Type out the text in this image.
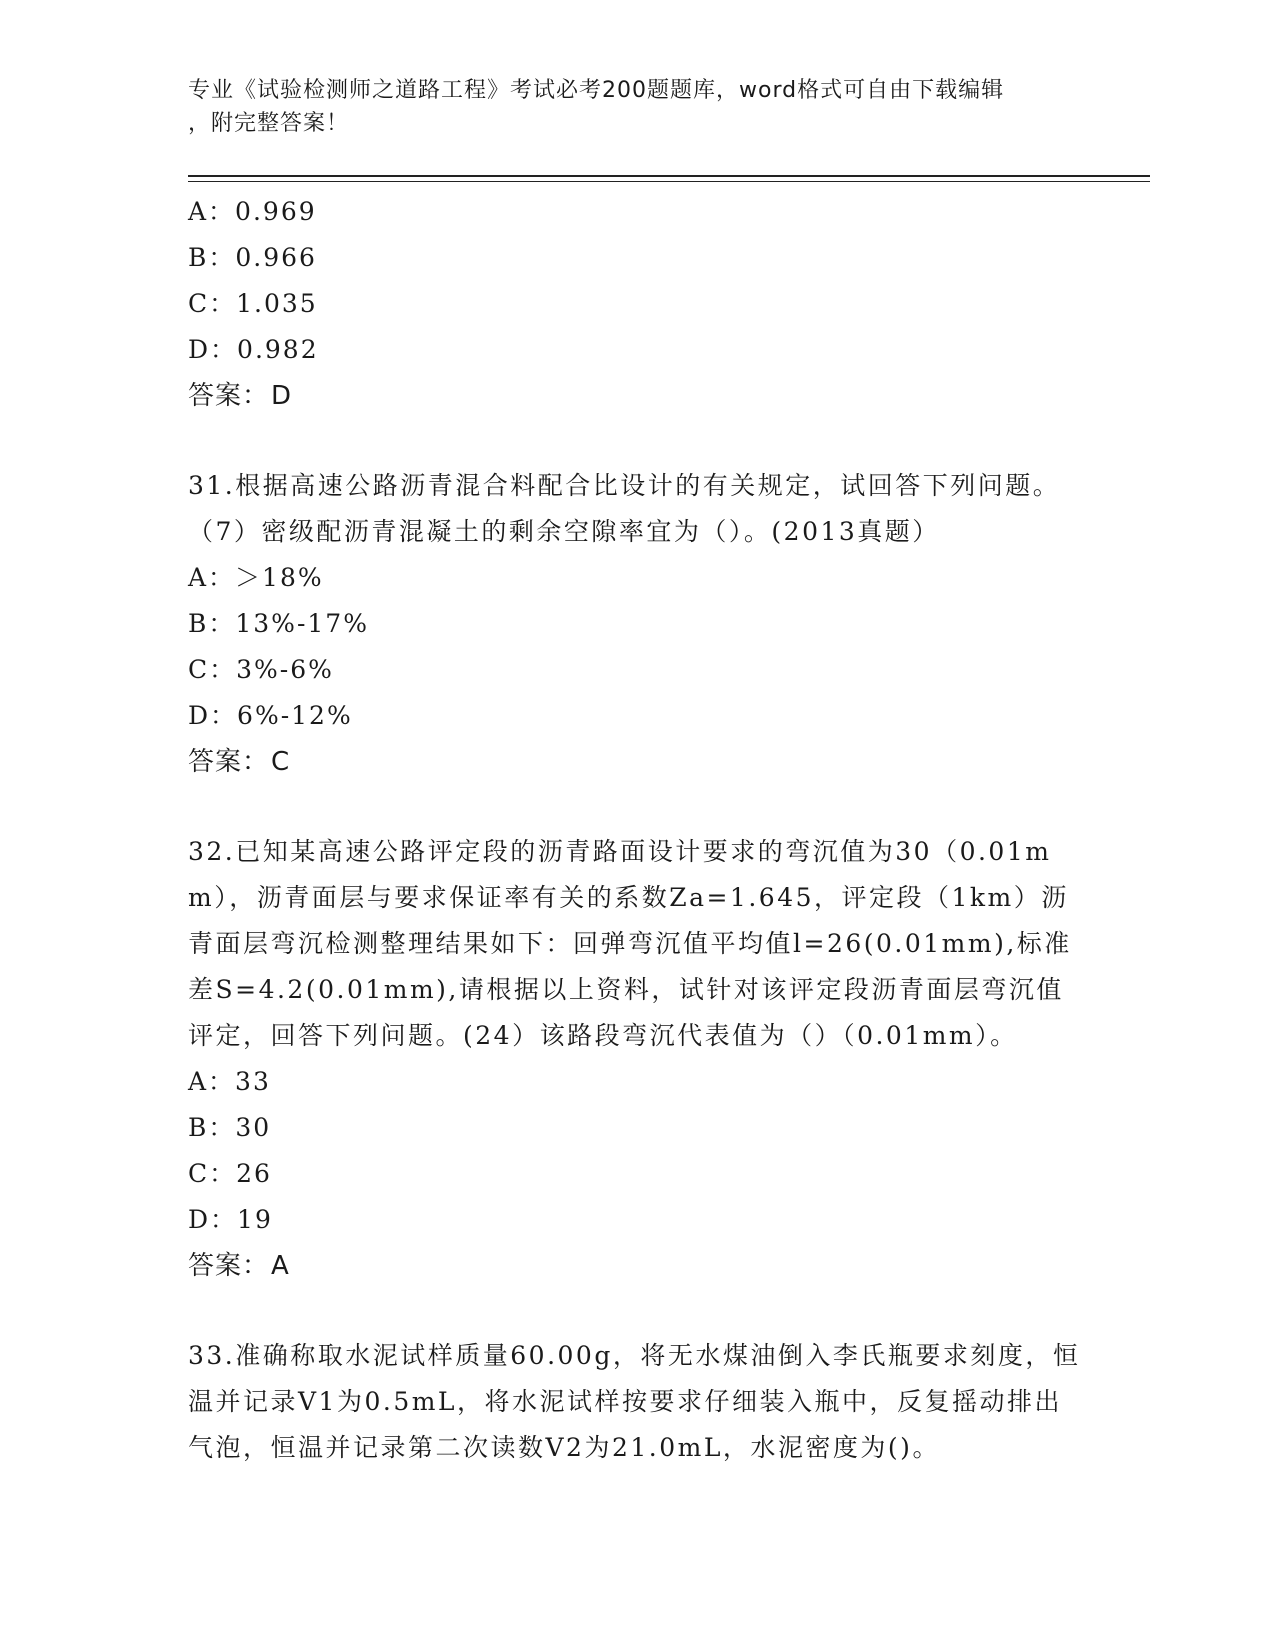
专业《试验检测师之道路工程》考试必考200题题库，word格式可自由下载编辑
，附完整答案！
A：0.969
B：0.966
C：1.035
D：0.982
答案：D
31.根据高速公路沥青混合料配合比设计的有关规定，试回答下列问题。（7）密级配沥青混凝土的剩余空隙率宜为（）。(2013真题）
A：＞18%
B：13%-17%
C：3%-6%
D：6%-12%
答案：C
32.已知某高速公路评定段的沥青路面设计要求的弯沉值为30（0.01mm），沥青面层与要求保证率有关的系数Za=1.645，评定段（1km）沥青面层弯沉检测整理结果如下：回弹弯沉值平均值l=26(0.01mm),标准差S=4.2(0.01mm),请根据以上资料，试针对该评定段沥青面层弯沉值评定，回答下列问题。(24）该路段弯沉代表值为（）（0.01mm）。
A：33
B：30
C：26
D：19
答案：A
33.准确称取水泥试样质量60.00g，将无水煤油倒入李氏瓶要求刻度，恒温并记录V1为0.5mL，将水泥试样按要求仔细装入瓶中，反复摇动排出气泡，恒温并记录第二次读数V2为21.0mL，水泥密度为()。
